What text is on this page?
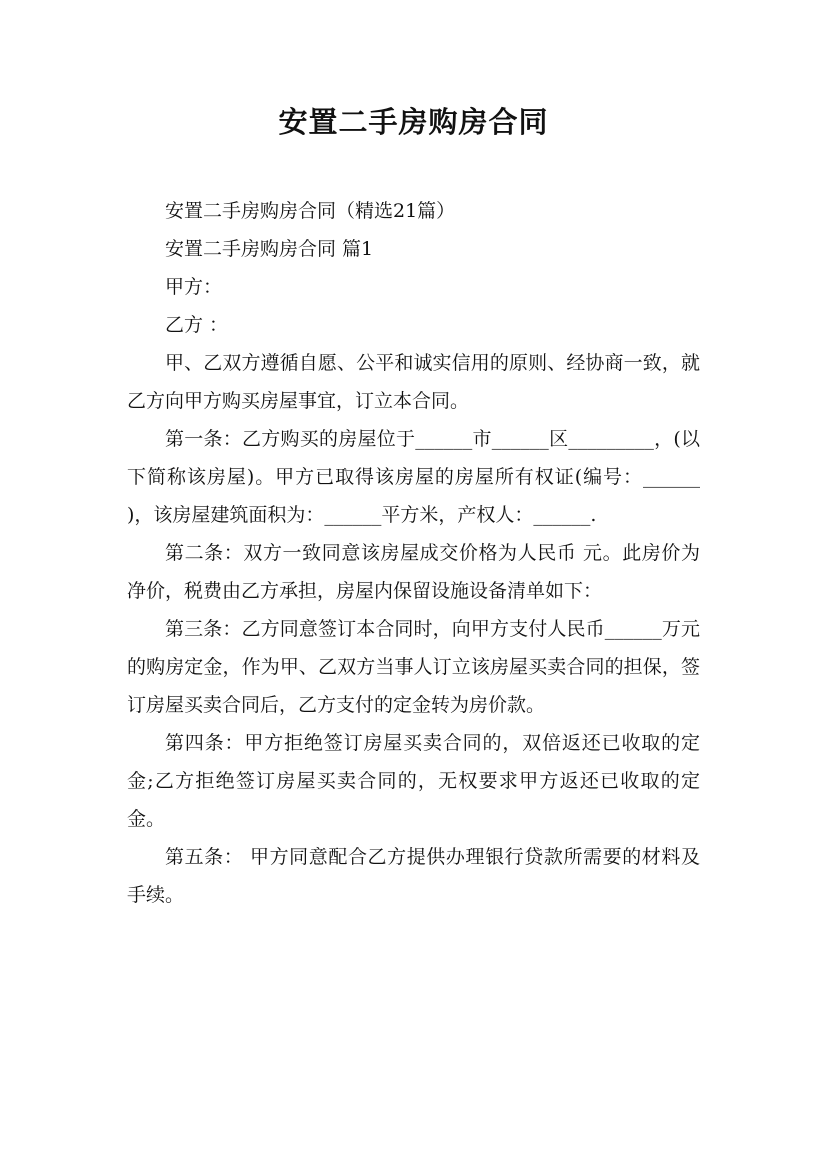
安置二手房购房合同

安置二手房购房合同（精选21篇）

安置二手房购房合同 篇1

甲方：

乙方 ：

甲、乙双方遵循自愿、公平和诚实信用的原则、经协商一致，就乙方向甲方购买房屋事宜，订立本合同。

第一条：乙方购买的房屋位于______市______区_________，(以下简称该房屋)。甲方已取得该房屋的房屋所有权证(编号：______ )，该房屋建筑面积为：______平方米，产权人：______.

第二条：双方一致同意该房屋成交价格为人民币 元。此房价为净价，税费由乙方承担，房屋内保留设施设备清单如下：

第三条：乙方同意签订本合同时，向甲方支付人民币______万元的购房定金，作为甲、乙双方当事人订立该房屋买卖合同的担保，签订房屋买卖合同后，乙方支付的定金转为房价款。

第四条：甲方拒绝签订房屋买卖合同的，双倍返还已收取的定金;乙方拒绝签订房屋买卖合同的，无权要求甲方返还已收取的定金。

第五条： 甲方同意配合乙方提供办理银行贷款所需要的材料及手续。
